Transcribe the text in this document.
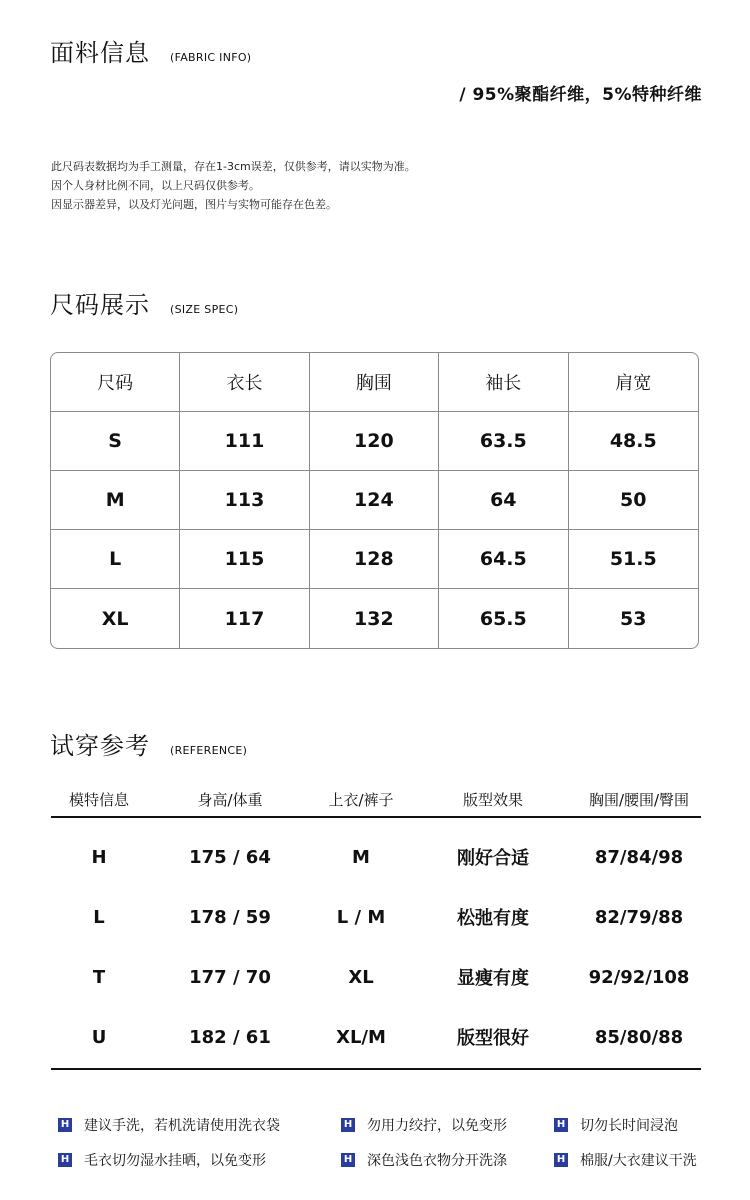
面料信息 (FABRIC INFO)
/ 95%聚酯纤维，5%特种纤维
此尺码表数据均为手工测量，存在1-3cm误差，仅供参考，请以实物为准。
因个人身材比例不同，以上尺码仅供参考。
因显示器差异，以及灯光问题，图片与实物可能存在色差。
尺码展示 (SIZE SPEC)
尺码	衣长	胸围	袖长	肩宽
S	111	120	63.5	48.5
M	113	124	64	50
L	115	128	64.5	51.5
XL	117	132	65.5	53
试穿参考 (REFERENCE)
模特信息	身高/体重	上衣/裤子	版型效果	胸围/腰围/臀围
H	175 / 64	M	刚好合适	87/84/98
L	178 / 59	L / M	松弛有度	82/79/88
T	177 / 70	XL	显瘦有度	92/92/108
U	182 / 61	XL/M	版型很好	85/80/88
H 建议手洗，若机洗请使用洗衣袋	H 勿用力绞拧，以免变形	H 切勿长时间浸泡
H 毛衣切勿湿水挂晒，以免变形	H 深色浅色衣物分开洗涤	H 棉服/大衣建议干洗
